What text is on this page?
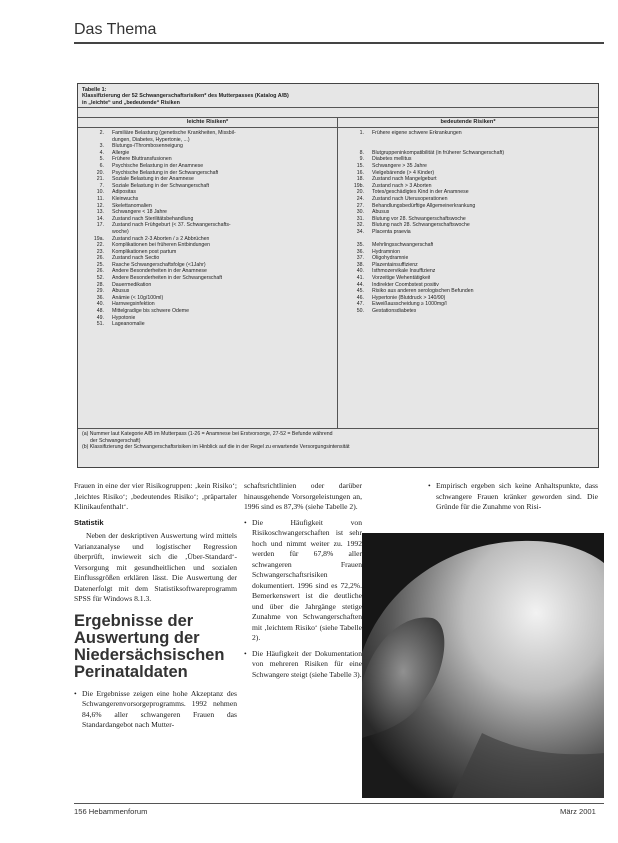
Das Thema
Tabelle 1:
Klassifizierung der 52 Schwangerschaftsrisiken* des Mutterpasses (Katalog A/B)
in „leichte“ und „bedeutende“ Risiken
leichte Risiken*	bedeutende Risiken*
2. Familiäre Belastung (genetische Krankheiten, Missbil-
dungen, Diabetes, Hypertonie, ...)
3. Blutungs-/Thrombosenneigung
4. Allergie
5. Frühere Bluttransfusionen
6. Psychische Belastung in der Anamnese
20. Psychische Belastung in der Schwangerschaft
21. Soziale Belastung in der Anamnese
7. Soziale Belastung in der Schwangerschaft
10. Adipositas
11. Kleinwuchs
12. Skelettanomalien
13. Schwangere < 18 Jahre
14. Zustand nach Sterilitätsbehandlung
17. Zustand nach Frühgeburt (< 37. Schwangerschafts-
woche)
19a. Zustand nach 2-3 Aborten / ≥ 2 Abbrüchen
22. Komplikationen bei früheren Entbindungen
23. Komplikationen post partum
26. Zustand nach Sectio
25. Rasche Schwangerschaftsfolge (<1Jahr)
26. Andere Besonderheiten in der Anamnese
52. Andere Besonderheiten in der Schwangerschaft
28. Dauermedikation
29. Abusus
36. Anämie (< 10g/100ml)
40. Harnwegsinfektion
48. Mittelgradige bis schwere Ödeme
49. Hypotonie
51. Lageanomalie
1. Frühere eigene schwere Erkrankungen
8. Blutgruppeninkompatibilität (in früherer Schwangerschaft)
9. Diabetes mellitus
15. Schwangere > 35 Jahre
16. Vielgebärende (> 4 Kinder)
18. Zustand nach Mangelgeburt
19b. Zustand nach > 3 Aborten
20. Totes/geschädigtes Kind in der Anamnese
24. Zustand nach Uterusoperationen
27. Behandlungsbedürftige Allgemeinerkrankung
30. Abusus
31. Blutung vor 28. Schwangerschaftswoche
32. Blutung nach 28. Schwangerschaftswoche
34. Placenta praevia
35. Mehrlingsschwangerschaft
36. Hydramnion
37. Oligohydramnie
38. Plazentainsuffizienz
40. Isthmozervikale Insuffizienz
41. Vorzeitige Wehentätigkeit
44. Indirekter Coombstest positiv
45. Risiko aus anderen serologischen Befunden
46. Hypertonie (Blutdruck > 140/90)
47. Eiweißausscheidung ≥ 1000mg/l
50. Gestationsdiabetes
(a) Nummer laut Kategorie A/B im Mutterpass (1-26 = Anamnese bei Erstvorsorge, 27-52 = Befunde während
der Schwangerschaft)
(b) Klassifizierung der Schwangerschaftsrisiken im Hinblick auf die in der Regel zu erwartende Versorgungsintensität

Frauen in eine der vier Risikogruppen: ‚kein Risiko‘; ‚leichtes Risiko‘; ‚bedeutendes Risiko‘; ‚präpartaler Klinikaufenthalt‘.

Statistik

Neben der deskriptiven Auswertung wird mittels Varianzanalyse und logistischer Regression überprüft, inwieweit sich die ‚Über-Standard‘-Versorgung mit gesundheitlichen und sozialen Einflussgrößen erklären lässt. Die Auswertung der Datenerfolgt mit dem Statistiksoftwareprogramm SPSS für Windows 8.1.3.

Ergebnisse der Auswertung der Niedersächsischen Perinataldaten
• Die Ergebnisse zeigen eine hohe Akzeptanz des Schwangerenvorsorgeprogramms. 1992 nehmen 84,6% aller schwangeren Frauen das Standardangebot nach Mutter-

schaftsrichtlinien oder darüber hinausgehende Vorsorgeleistungen an, 1996 sind es 87,3% (siehe Tabelle 2).

• Die Häufigkeit von Risikoschwangerschaften ist sehr hoch und nimmt weiter zu. 1992 werden für 67,8% aller schwangeren Frauen Schwangerschaftsrisiken dokumentiert. 1996 sind es 72,2%. Bemerkenswert ist die deutliche und über die Jahrgänge stetige Zunahme von Schwangerschaften mit ‚leichtem Risiko‘ (siehe Tabelle 2).

• Die Häufigkeit der Dokumentation von mehreren Risiken für eine Schwangere steigt (siehe Tabelle 3).

• Empirisch ergeben sich keine Anhaltspunkte, dass schwangere Frauen kränker geworden sind. Die Gründe für die Zunahme von Risi-

156 Hebammenforum	März 2001
